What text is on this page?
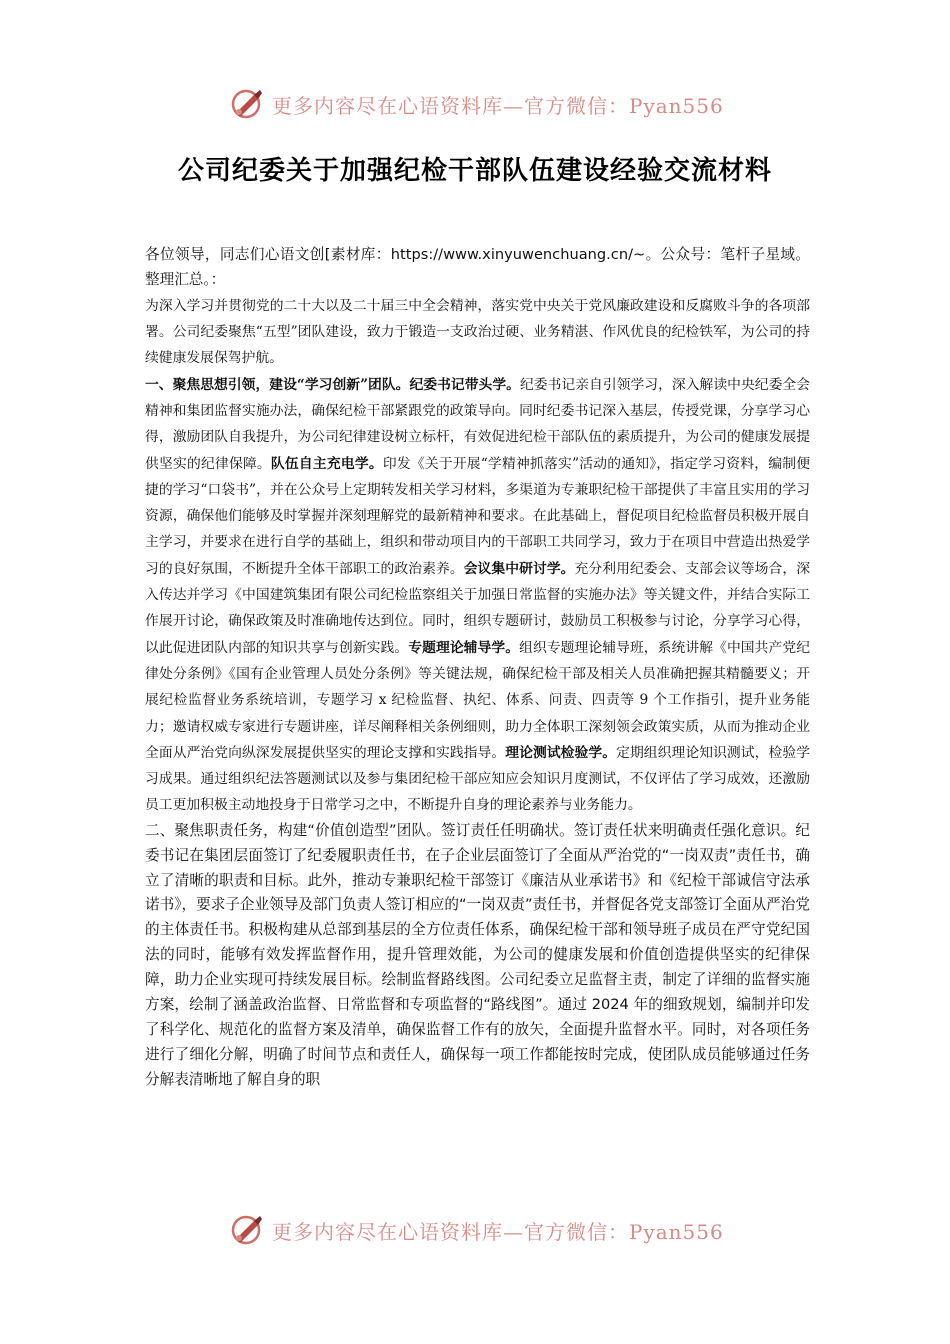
更多内容尽在心语资料库—官方微信：Pyan556
公司纪委关于加强纪检干部队伍建设经验交流材料

各位领导，同志们心语文创[素材库：https://www.xinyuwenchuang.cn/~。公众号：笔杆子星域。整理汇总。：

为深入学习并贯彻党的二十大以及二十届三中全会精神，落实党中央关于党风廉政建设和反腐败斗争的各项部署。公司纪委聚焦“五型”团队建设，致力于锻造一支政治过硬、业务精湛、作风优良的纪检铁军，为公司的持续健康发展保驾护航。

一、聚焦思想引领，建设“学习创新”团队。纪委书记带头学。纪委书记亲自引领学习，深入解读中央纪委全会精神和集团监督实施办法，确保纪检干部紧跟党的政策导向。同时纪委书记深入基层，传授党课，分享学习心得，激励团队自我提升，为公司纪律建设树立标杆，有效促进纪检干部队伍的素质提升，为公司的健康发展提供坚实的纪律保障。队伍自主充电学。印发《关于开展“学精神抓落实”活动的通知》，指定学习资料，编制便捷的学习“口袋书”，并在公众号上定期转发相关学习材料，多渠道为专兼职纪检干部提供了丰富且实用的学习资源，确保他们能够及时掌握并深刻理解党的最新精神和要求。在此基础上，督促项目纪检监督员积极开展自主学习，并要求在进行自学的基础上，组织和带动项目内的干部职工共同学习，致力于在项目中营造出热爱学习的良好氛围，不断提升全体干部职工的政治素养。会议集中研讨学。充分利用纪委会、支部会议等场合，深入传达并学习《中国建筑集团有限公司纪检监察组关于加强日常监督的实施办法》等关键文件，并结合实际工作展开讨论，确保政策及时准确地传达到位。同时，组织专题研讨，鼓励员工积极参与讨论，分享学习心得，以此促进团队内部的知识共享与创新实践。专题理论辅导学。组织专题理论辅导班，系统讲解《中国共产党纪律处分条例》《国有企业管理人员处分条例》等关键法规，确保纪检干部及相关人员准确把握其精髓要义；开展纪检监督业务系统培训，专题学习 x 纪检监督、执纪、体系、问责、四责等 9 个工作指引，提升业务能力；邀请权威专家进行专题讲座，详尽阐释相关条例细则，助力全体职工深刻领会政策实质，从而为推动企业全面从严治党向纵深发展提供坚实的理论支撑和实践指导。理论测试检验学。定期组织理论知识测试，检验学习成果。通过组织纪法答题测试以及参与集团纪检干部应知应会知识月度测试，不仅评估了学习成效，还激励员工更加积极主动地投身于日常学习之中，不断提升自身的理论素养与业务能力。

二、聚焦职责任务，构建“价值创造型”团队。签订责任任明确状。签订责任状来明确责任强化意识。纪委书记在集团层面签订了纪委履职责任书，在子企业层面签订了全面从严治党的“一岗双责”责任书，确立了清晰的职责和目标。此外，推动专兼职纪检干部签订《廉洁从业承诺书》和《纪检干部诚信守法承诺书》，要求子企业领导及部门负责人签订相应的“一岗双责”责任书，并督促各党支部签订全面从严治党的主体责任书。积极构建从总部到基层的全方位责任体系，确保纪检干部和领导班子成员在严守党纪国法的同时，能够有效发挥监督作用，提升管理效能，为公司的健康发展和价值创造提供坚实的纪律保障，助力企业实现可持续发展目标。绘制监督路线图。公司纪委立足监督主责，制定了详细的监督实施方案，绘制了涵盖政治监督、日常监督和专项监督的“路线图”。通过 2024 年的细致规划，编制并印发了科学化、规范化的监督方案及清单，确保监督工作有的放矢，全面提升监督水平。同时，对各项任务进行了细化分解，明确了时间节点和责任人，确保每一项工作都能按时完成，使团队成员能够通过任务分解表清晰地了解自身的职

更多内容尽在心语资料库—官方微信：Pyan556
